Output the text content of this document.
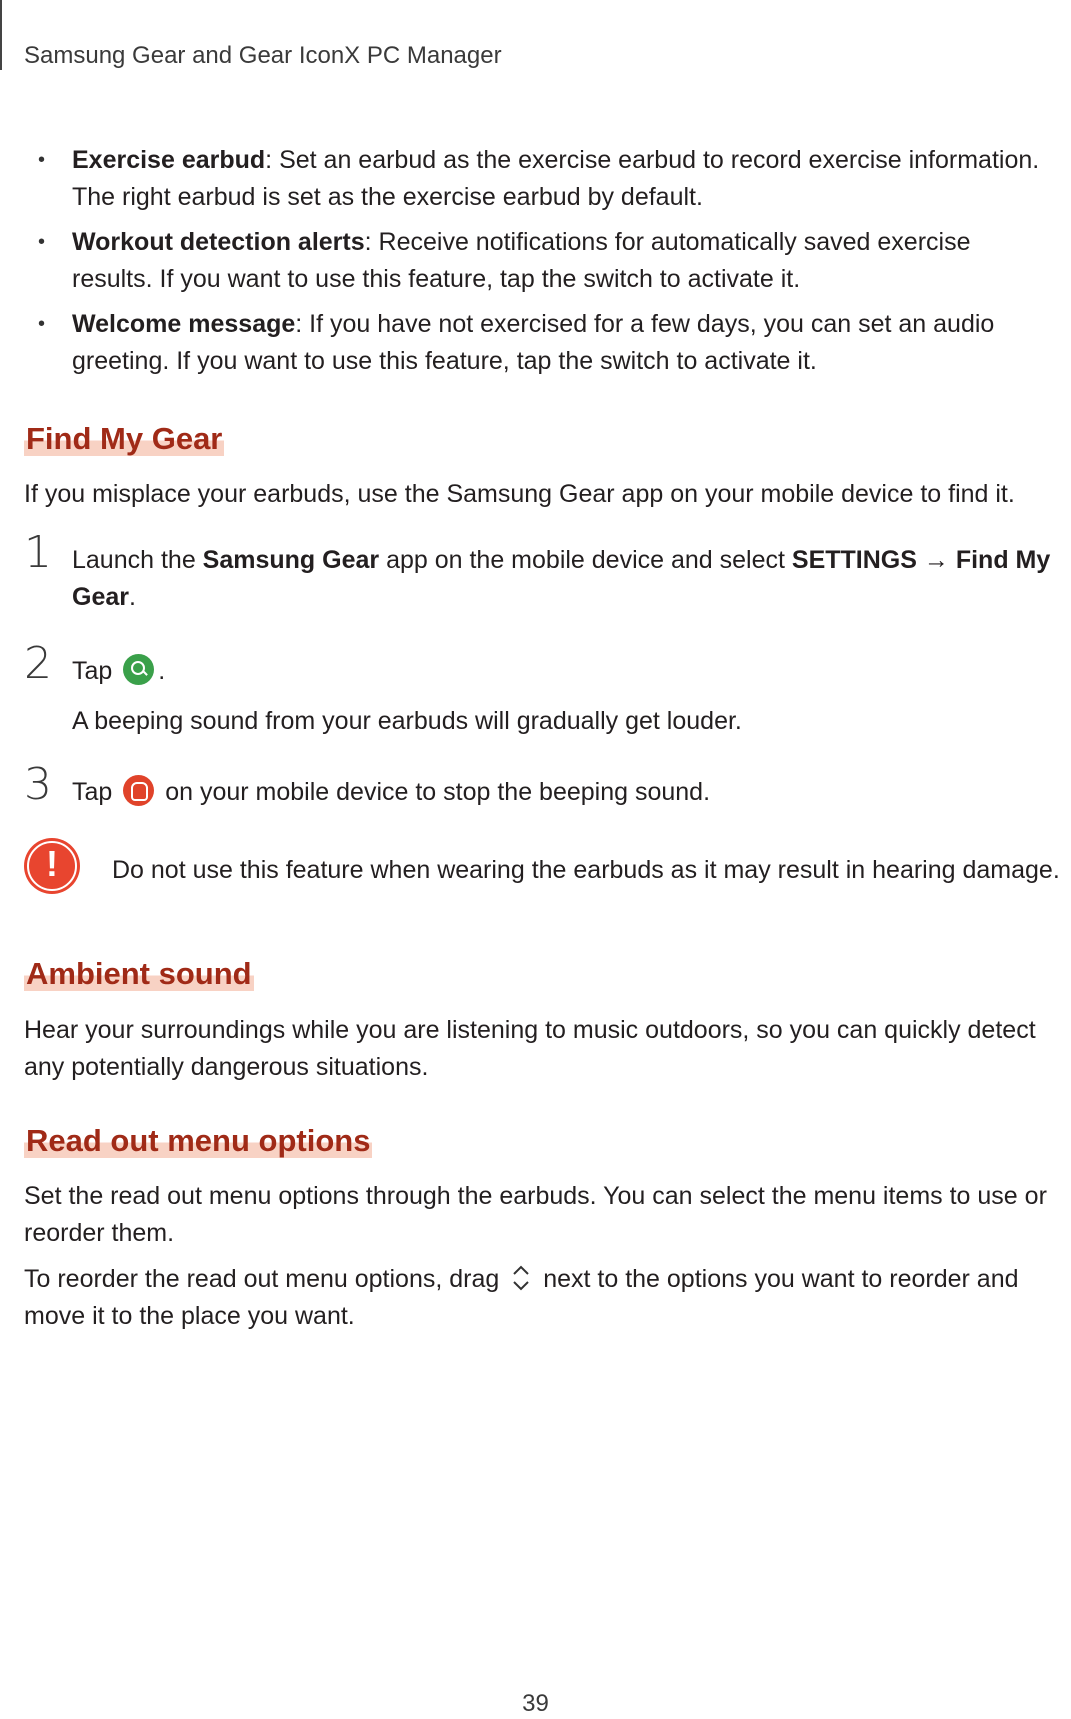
Samsung Gear and Gear IconX PC Manager
• Exercise earbud: Set an earbud as the exercise earbud to record exercise information. The right earbud is set as the exercise earbud by default.
• Workout detection alerts: Receive notifications for automatically saved exercise results. If you want to use this feature, tap the switch to activate it.
• Welcome message: If you have not exercised for a few days, you can set an audio greeting. If you want to use this feature, tap the switch to activate it.
Find My Gear
If you misplace your earbuds, use the Samsung Gear app on your mobile device to find it.
1 Launch the Samsung Gear app on the mobile device and select SETTINGS → Find My Gear.
2 Tap .
A beeping sound from your earbuds will gradually get louder.
3 Tap  on your mobile device to stop the beeping sound.
!	Do not use this feature when wearing the earbuds as it may result in hearing damage.
Ambient sound
Hear your surroundings while you are listening to music outdoors, so you can quickly detect any potentially dangerous situations.
Read out menu options
Set the read out menu options through the earbuds. You can select the menu items to use or reorder them.
To reorder the read out menu options, drag  next to the options you want to reorder and move it to the place you want.
39
